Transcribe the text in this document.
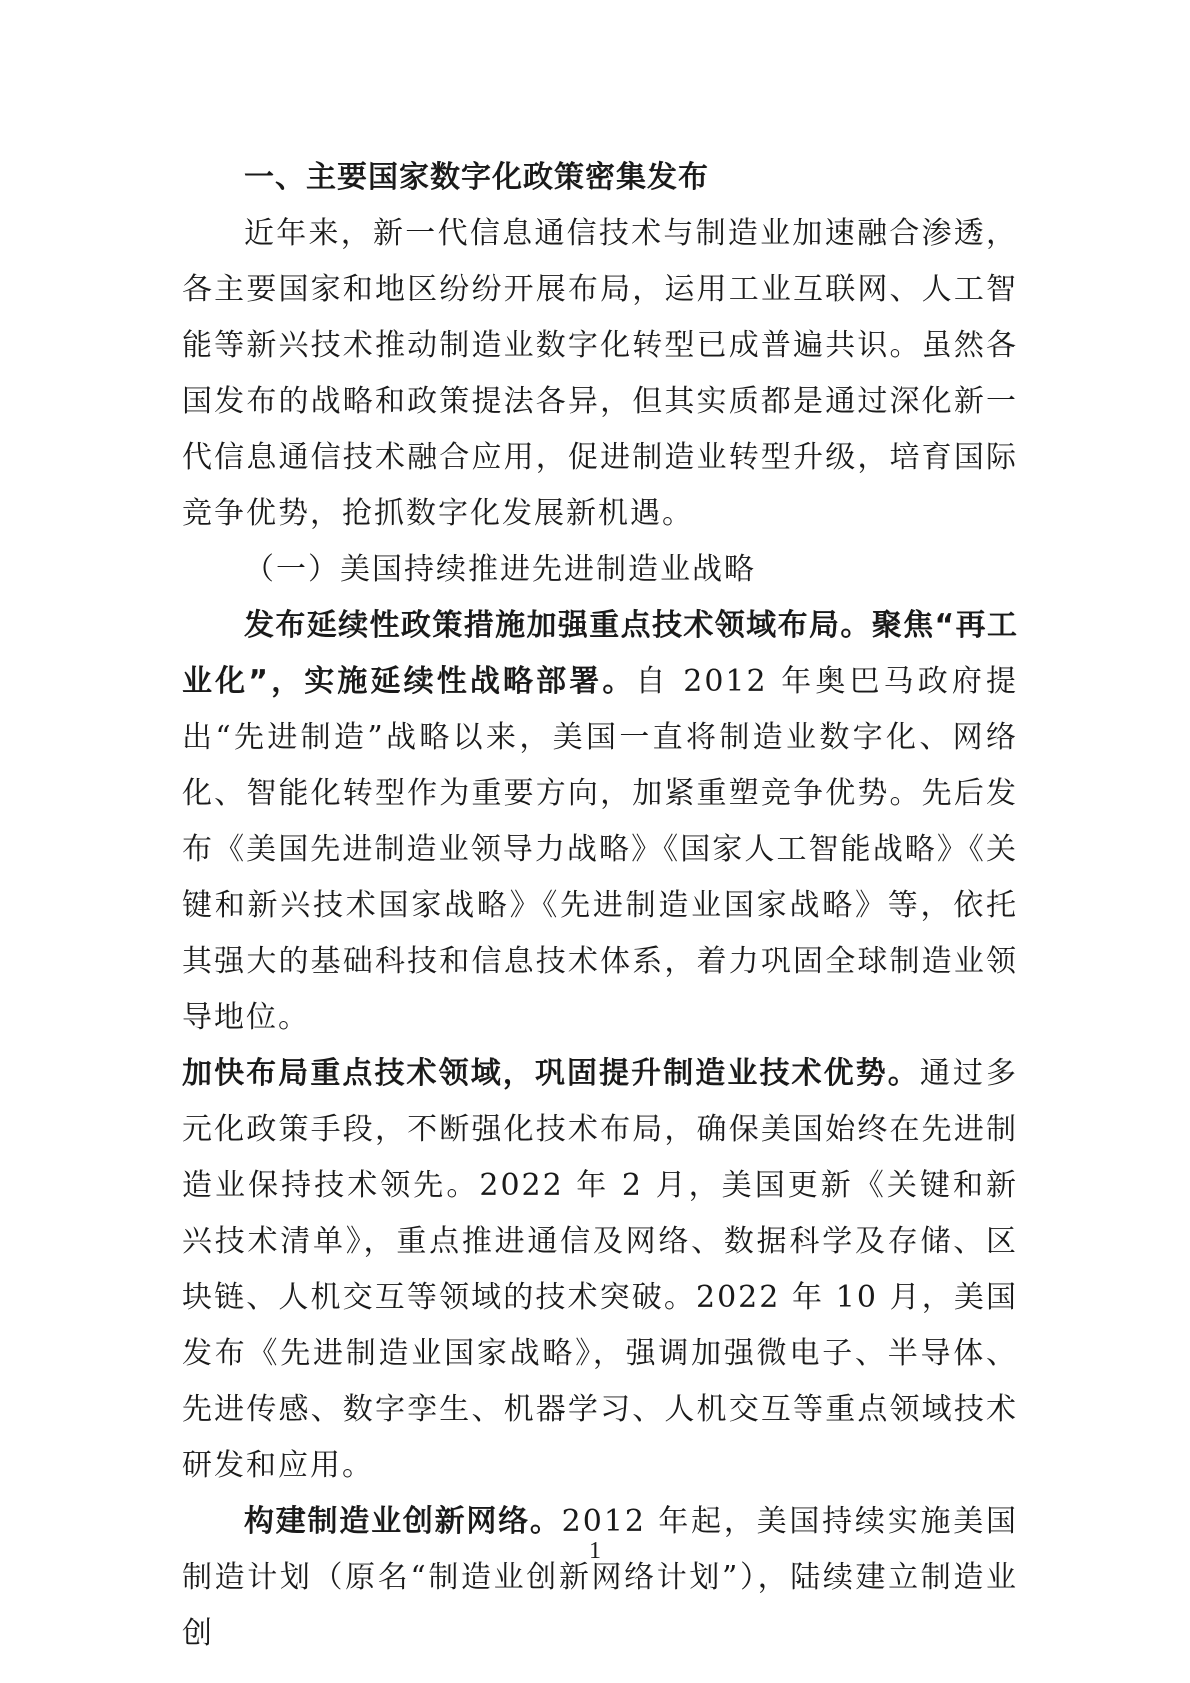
一、主要国家数字化政策密集发布

近年来，新一代信息通信技术与制造业加速融合渗透，各主要国家和地区纷纷开展布局，运用工业互联网、人工智能等新兴技术推动制造业数字化转型已成普遍共识。虽然各国发布的战略和政策提法各异，但其实质都是通过深化新一代信息通信技术融合应用，促进制造业转型升级，培育国际竞争优势，抢抓数字化发展新机遇。

（一）美国持续推进先进制造业战略

发布延续性政策措施加强重点技术领域布局。聚焦“再工业化”，实施延续性战略部署。自 2012 年奥巴马政府提出“先进制造”战略以来，美国一直将制造业数字化、网络化、智能化转型作为重要方向，加紧重塑竞争优势。先后发布《美国先进制造业领导力战略》《国家人工智能战略》《关键和新兴技术国家战略》《先进制造业国家战略》等，依托其强大的基础科技和信息技术体系，着力巩固全球制造业领导地位。

加快布局重点技术领域，巩固提升制造业技术优势。通过多元化政策手段，不断强化技术布局，确保美国始终在先进制造业保持技术领先。2022 年 2 月，美国更新《关键和新兴技术清单》，重点推进通信及网络、数据科学及存储、区块链、人机交互等领域的技术突破。2022 年 10 月，美国发布《先进制造业国家战略》，强调加强微电子、半导体、先进传感、数字孪生、机器学习、人机交互等重点领域技术研发和应用。

构建制造业创新网络。2012 年起，美国持续实施美国制造计划（原名“制造业创新网络计划”），陆续建立制造业创

1
